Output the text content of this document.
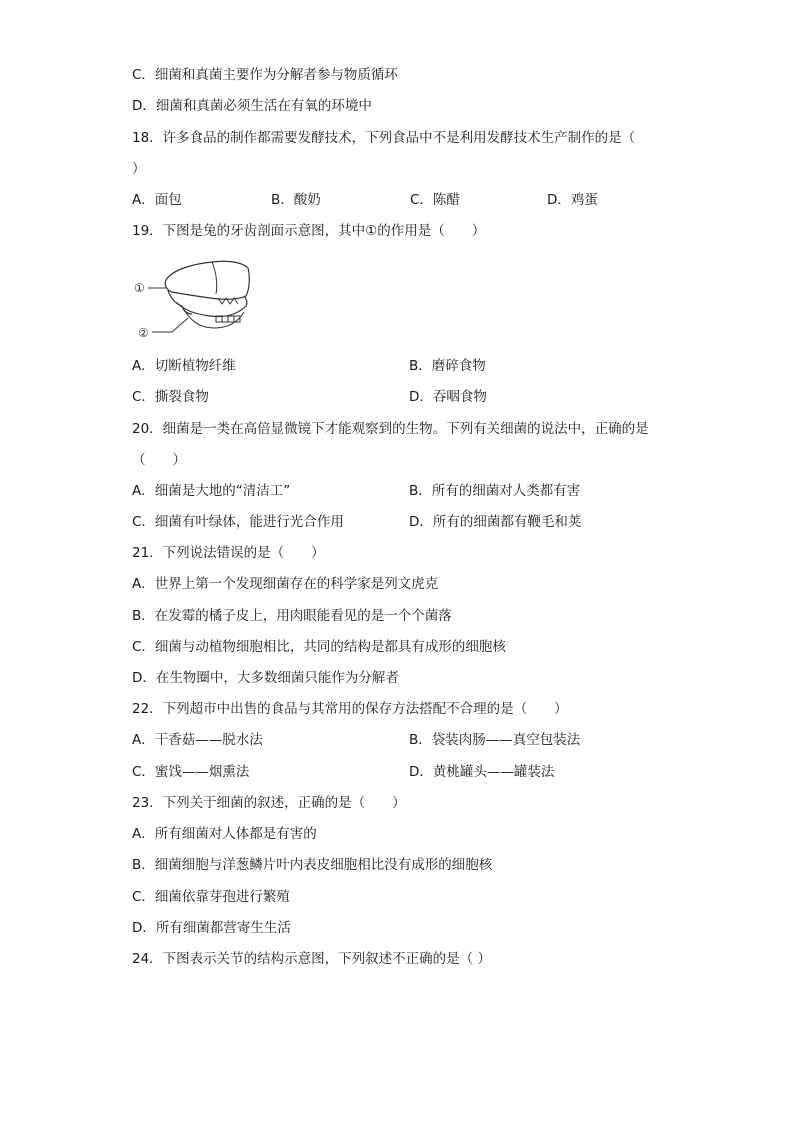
C．细菌和真菌主要作为分解者参与物质循环
D．细菌和真菌必须生活在有氧的环境中
18．许多食品的制作都需要发酵技术，下列食品中不是利用发酵技术生产制作的是（
）
A．面包	B．酸奶	C．陈醋	D．鸡蛋
19．下图是兔的牙齿剖面示意图，其中①的作用是（　　）
①
②
A．切断植物纤维	B．磨碎食物
C．撕裂食物	D．吞咽食物
20．细菌是一类在高倍显微镜下才能观察到的生物。下列有关细菌的说法中，正确的是
（　　）
A．细菌是大地的“清洁工”	B．所有的细菌对人类都有害
C．细菌有叶绿体，能进行光合作用	D．所有的细菌都有鞭毛和荚
21．下列说法错误的是（　　）
A．世界上第一个发现细菌存在的科学家是列文虎克
B．在发霉的橘子皮上，用肉眼能看见的是一个个菌落
C．细菌与动植物细胞相比，共同的结构是都具有成形的细胞核
D．在生物圈中，大多数细菌只能作为分解者
22．下列超市中出售的食品与其常用的保存方法搭配不合理的是（　　）
A．干香菇——脱水法	B．袋装肉肠——真空包装法
C．蜜饯——烟熏法	D．黄桃罐头——罐装法
23．下列关于细菌的叙述，正确的是（　　）
A．所有细菌对人体都是有害的
B．细菌细胞与洋葱鳞片叶内表皮细胞相比没有成形的细胞核
C．细菌依靠芽孢进行繁殖
D．所有细菌都营寄生生活
24．下图表示关节的结构示意图，下列叙述不正确的是（ ）
